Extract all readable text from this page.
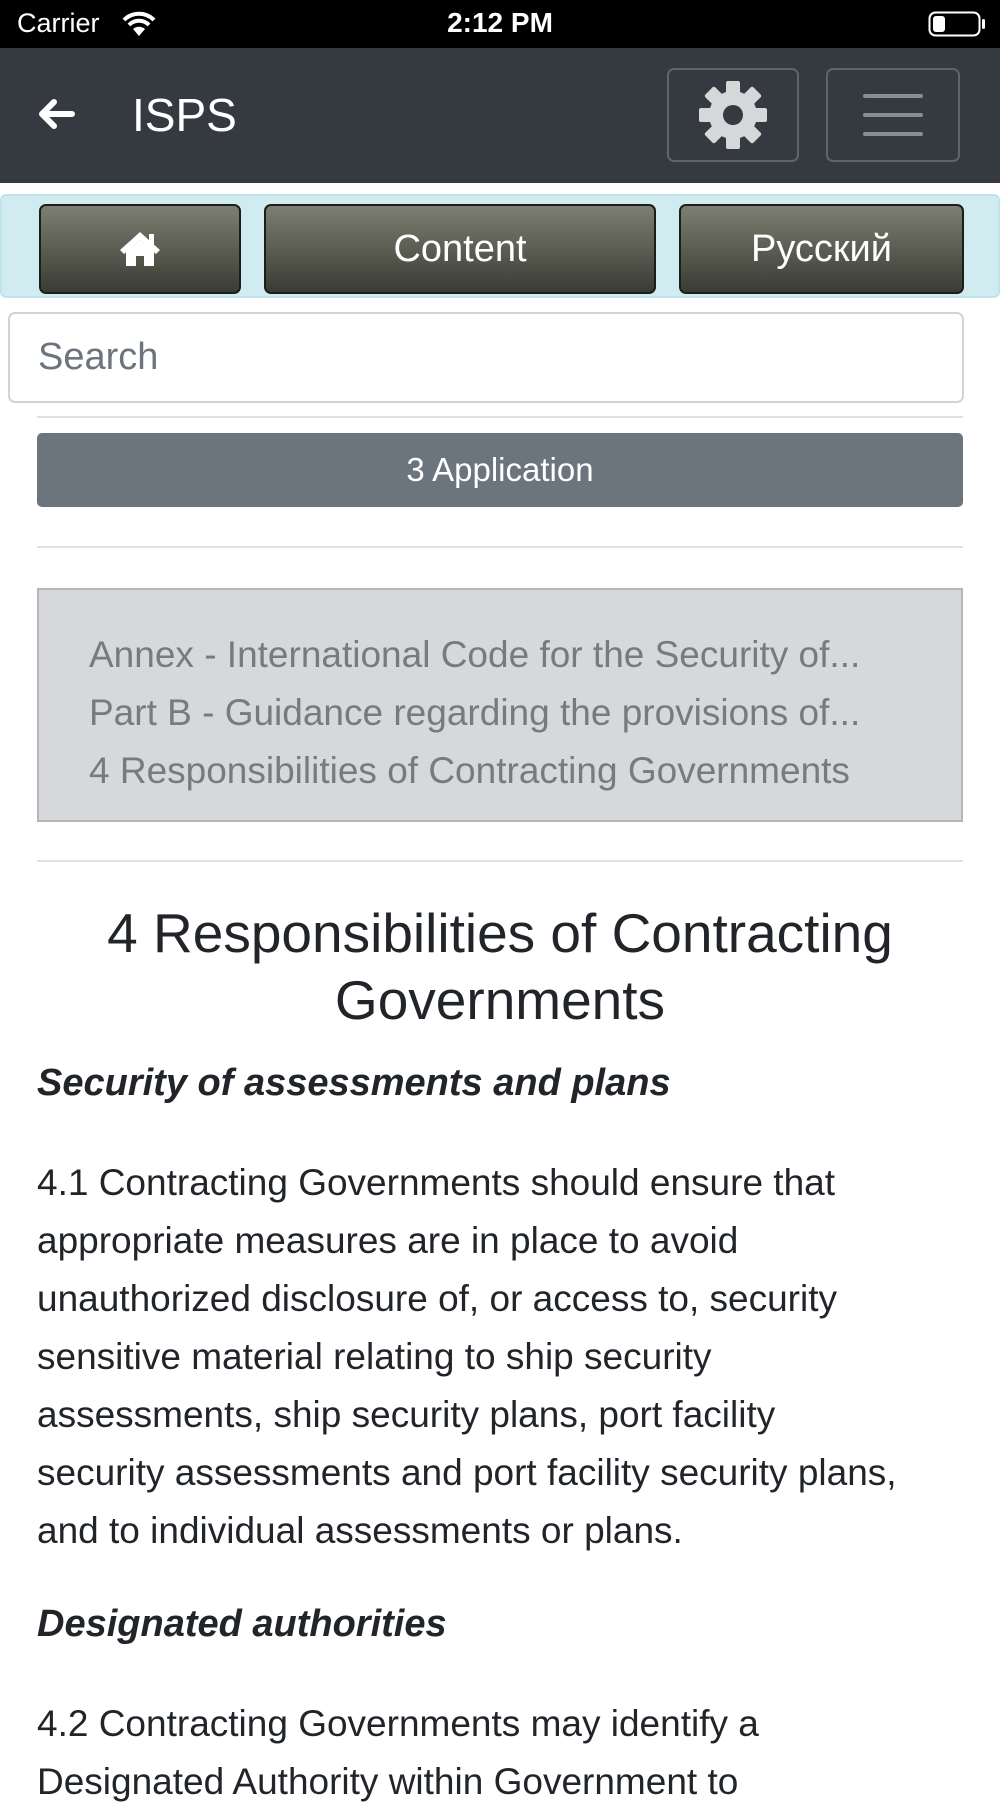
Carrier	2:12 PM
ISPS
Content	Русский
Search
3 Application
Annex - International Code for the Security of...
Part B - Guidance regarding the provisions of...
4 Responsibilities of Contracting Governments
4 Responsibilities of Contracting
Governments
Security of assessments and plans

4.1 Contracting Governments should ensure that
appropriate measures are in place to avoid
unauthorized disclosure of, or access to, security
sensitive material relating to ship security
assessments, ship security plans, port facility
security assessments and port facility security plans,
and to individual assessments or plans.

Designated authorities

4.2 Contracting Governments may identify a
Designated Authority within Government to
